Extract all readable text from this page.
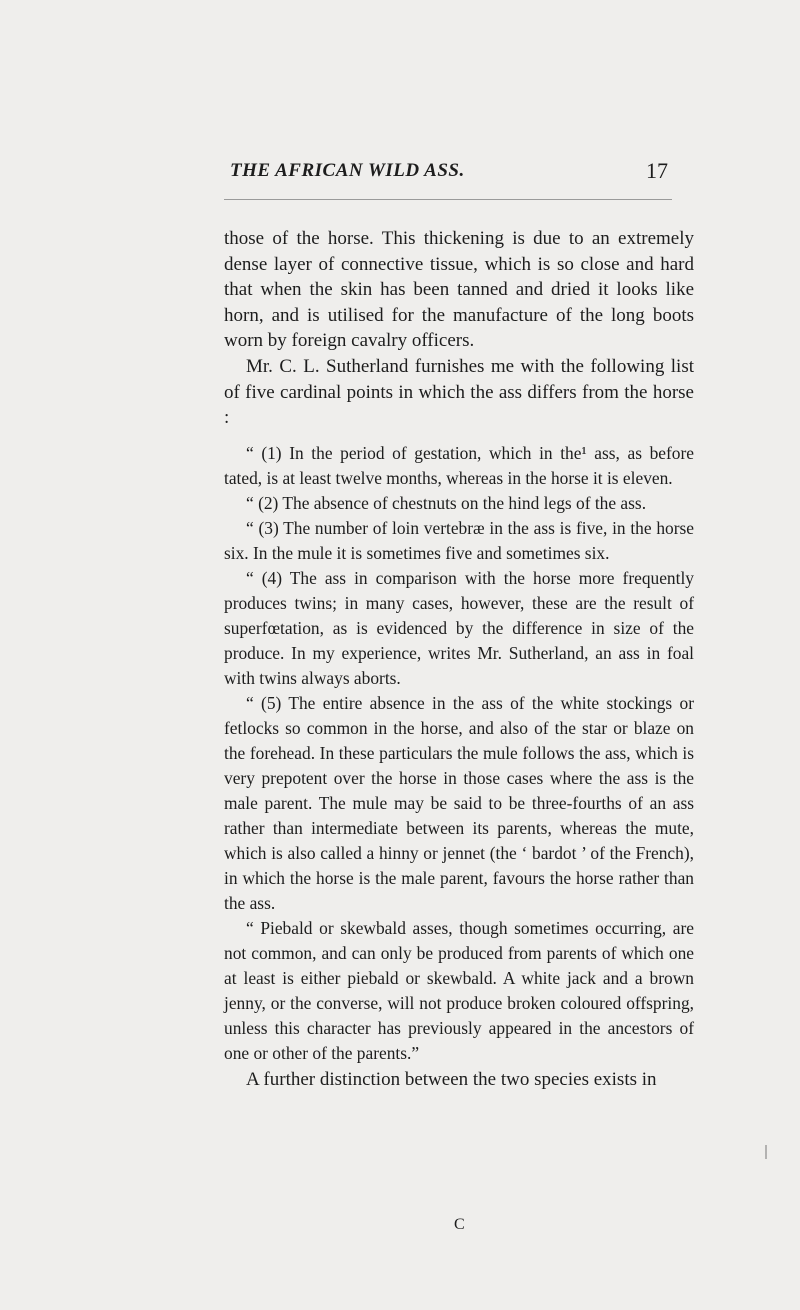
THE AFRICAN WILD ASS.	17

those of the horse. This thickening is due to an extremely dense layer of connective tissue, which is so close and hard that when the skin has been tanned and dried it looks like horn, and is utilised for the manufacture of the long boots worn by foreign cavalry officers.

Mr. C. L. Sutherland furnishes me with the following list of five cardinal points in which the ass differs from the horse :

“ (1) In the period of gestation, which in the¹ ass, as before tated, is at least twelve months, whereas in the horse it is eleven.

“ (2) The absence of chestnuts on the hind legs of the ass.

“ (3) The number of loin vertebræ in the ass is five, in the horse six. In the mule it is sometimes five and sometimes six.

“ (4) The ass in comparison with the horse more frequently produces twins; in many cases, however, these are the result of superfœtation, as is evidenced by the difference in size of the produce. In my experience, writes Mr. Sutherland, an ass in foal with twins always aborts.

“ (5) The entire absence in the ass of the white stockings or fetlocks so common in the horse, and also of the star or blaze on the forehead. In these particulars the mule follows the ass, which is very prepotent over the horse in those cases where the ass is the male parent. The mule may be said to be three-fourths of an ass rather than intermediate between its parents, whereas the mute, which is also called a hinny or jennet (the ‘ bardot ’ of the French), in which the horse is the male parent, favours the horse rather than the ass.

“ Piebald or skewbald asses, though sometimes occurring, are not common, and can only be produced from parents of which one at least is either piebald or skewbald. A white jack and a brown jenny, or the converse, will not produce broken coloured offspring, unless this character has previously appeared in the ancestors of one or other of the parents.”

A further distinction between the two species exists in

C
